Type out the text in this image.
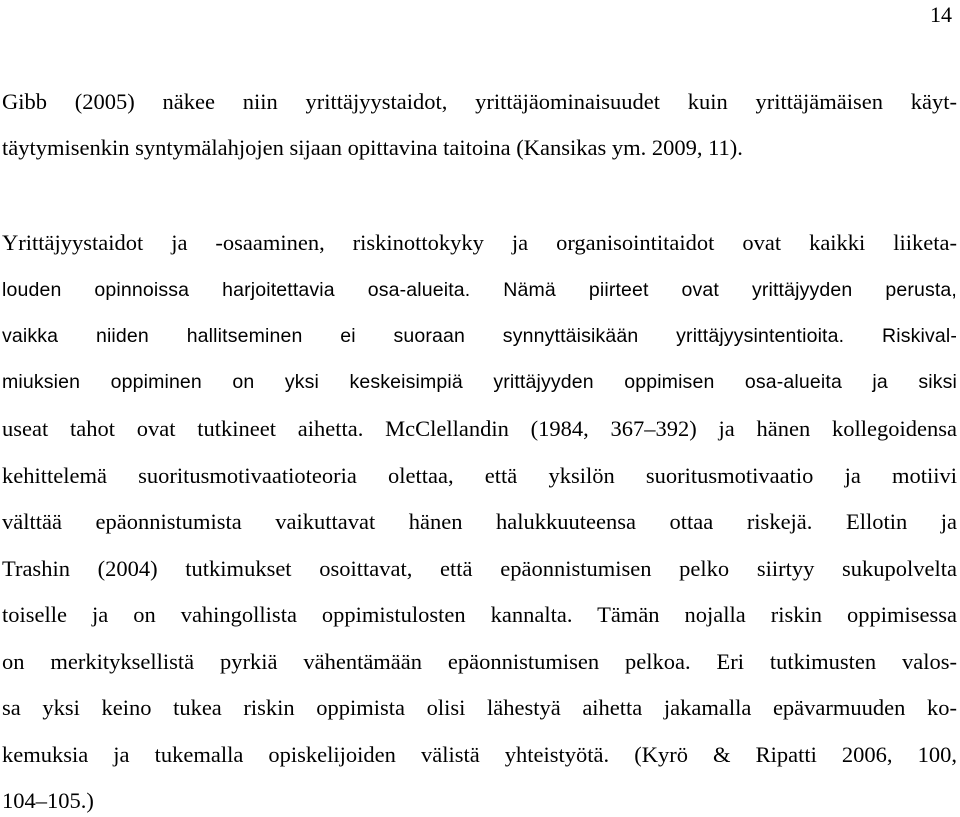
14
Gibb (2005) näkee niin yrittäjyystaidot, yrittäjäominaisuudet kuin yrittäjämäisen käyt-
täytymisenkin syntymälahjojen sijaan opittavina taitoina (Kansikas ym. 2009, 11).
Yrittäjyystaidot ja -osaaminen, riskinottokyky ja organisointitaidot ovat kaikki liiketa-
louden opinnoissa harjoitettavia osa-alueita. Nämä piirteet ovat yrittäjyyden perusta,
vaikka niiden hallitseminen ei suoraan synnyttäisikään yrittäjyysintentioita. Riskival-
miuksien oppiminen on yksi keskeisimpiä yrittäjyyden oppimisen osa-alueita ja siksi
useat tahot ovat tutkineet aihetta. McClellandin (1984, 367–392) ja hänen kollegoidensa
kehittelemä suoritusmotivaatioteoria olettaa, että yksilön suoritusmotivaatio ja motiivi
välttää epäonnistumista vaikuttavat hänen halukkuuteensa ottaa riskejä. Ellotin ja
Trashin (2004) tutkimukset osoittavat, että epäonnistumisen pelko siirtyy sukupolvelta
toiselle ja on vahingollista oppimistulosten kannalta. Tämän nojalla riskin oppimisessa
on merkityksellistä pyrkiä vähentämään epäonnistumisen pelkoa. Eri tutkimusten valos-
sa yksi keino tukea riskin oppimista olisi lähestyä aihetta jakamalla epävarmuuden ko-
kemuksia ja tukemalla opiskelijoiden välistä yhteistyötä. (Kyrö & Ripatti 2006, 100,
104–105.)
